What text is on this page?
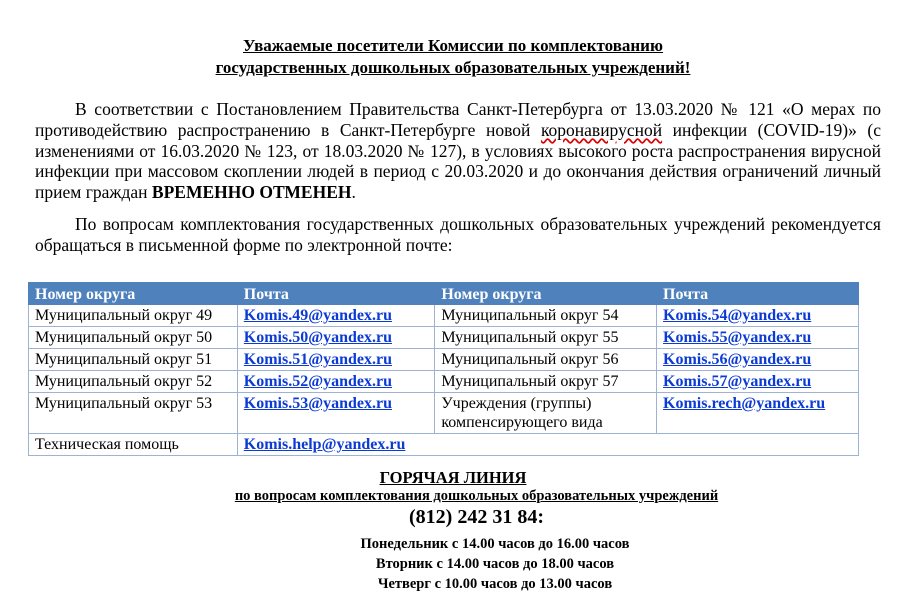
Уважаемые посетители Комиссии по комплектованию
государственных дошкольных образовательных учреждений!

В соответствии с Постановлением Правительства Санкт-Петербурга от 13.03.2020 № 121 «О мерах по противодействию распространению в Санкт-Петербурге новой коронавирусной инфекции (COVID-19)» (с изменениями от 16.03.2020 № 123, от 18.03.2020 № 127), в условиях высокого роста распространения вирусной инфекции при массовом скоплении людей в период с 20.03.2020 и до окончания действия ограничений личный прием граждан ВРЕМЕННО ОТМЕНЕН.

По вопросам комплектования государственных дошкольных образовательных учреждений рекомендуется обращаться в письменной форме по электронной почте:

Номер округа	Почта	Номер округа	Почта
Муниципальный округ 49	Komis.49@yandex.ru	Муниципальный округ 54	Komis.54@yandex.ru
Муниципальный округ 50	Komis.50@yandex.ru	Муниципальный округ 55	Komis.55@yandex.ru
Муниципальный округ 51	Komis.51@yandex.ru	Муниципальный округ 56	Komis.56@yandex.ru
Муниципальный округ 52	Komis.52@yandex.ru	Муниципальный округ 57	Komis.57@yandex.ru
Муниципальный округ 53	Komis.53@yandex.ru	Учреждения (группы) компенсирующего вида	Komis.rech@yandex.ru
Техническая помощь	Komis.help@yandex.ru		
ГОРЯЧАЯ ЛИНИЯ
по вопросам комплектования дошкольных образовательных учреждений
(812) 242 31 84:
Понедельник с 14.00 часов до 16.00 часов
Вторник с 14.00 часов до 18.00 часов
Четверг с 10.00 часов до 13.00 часов
